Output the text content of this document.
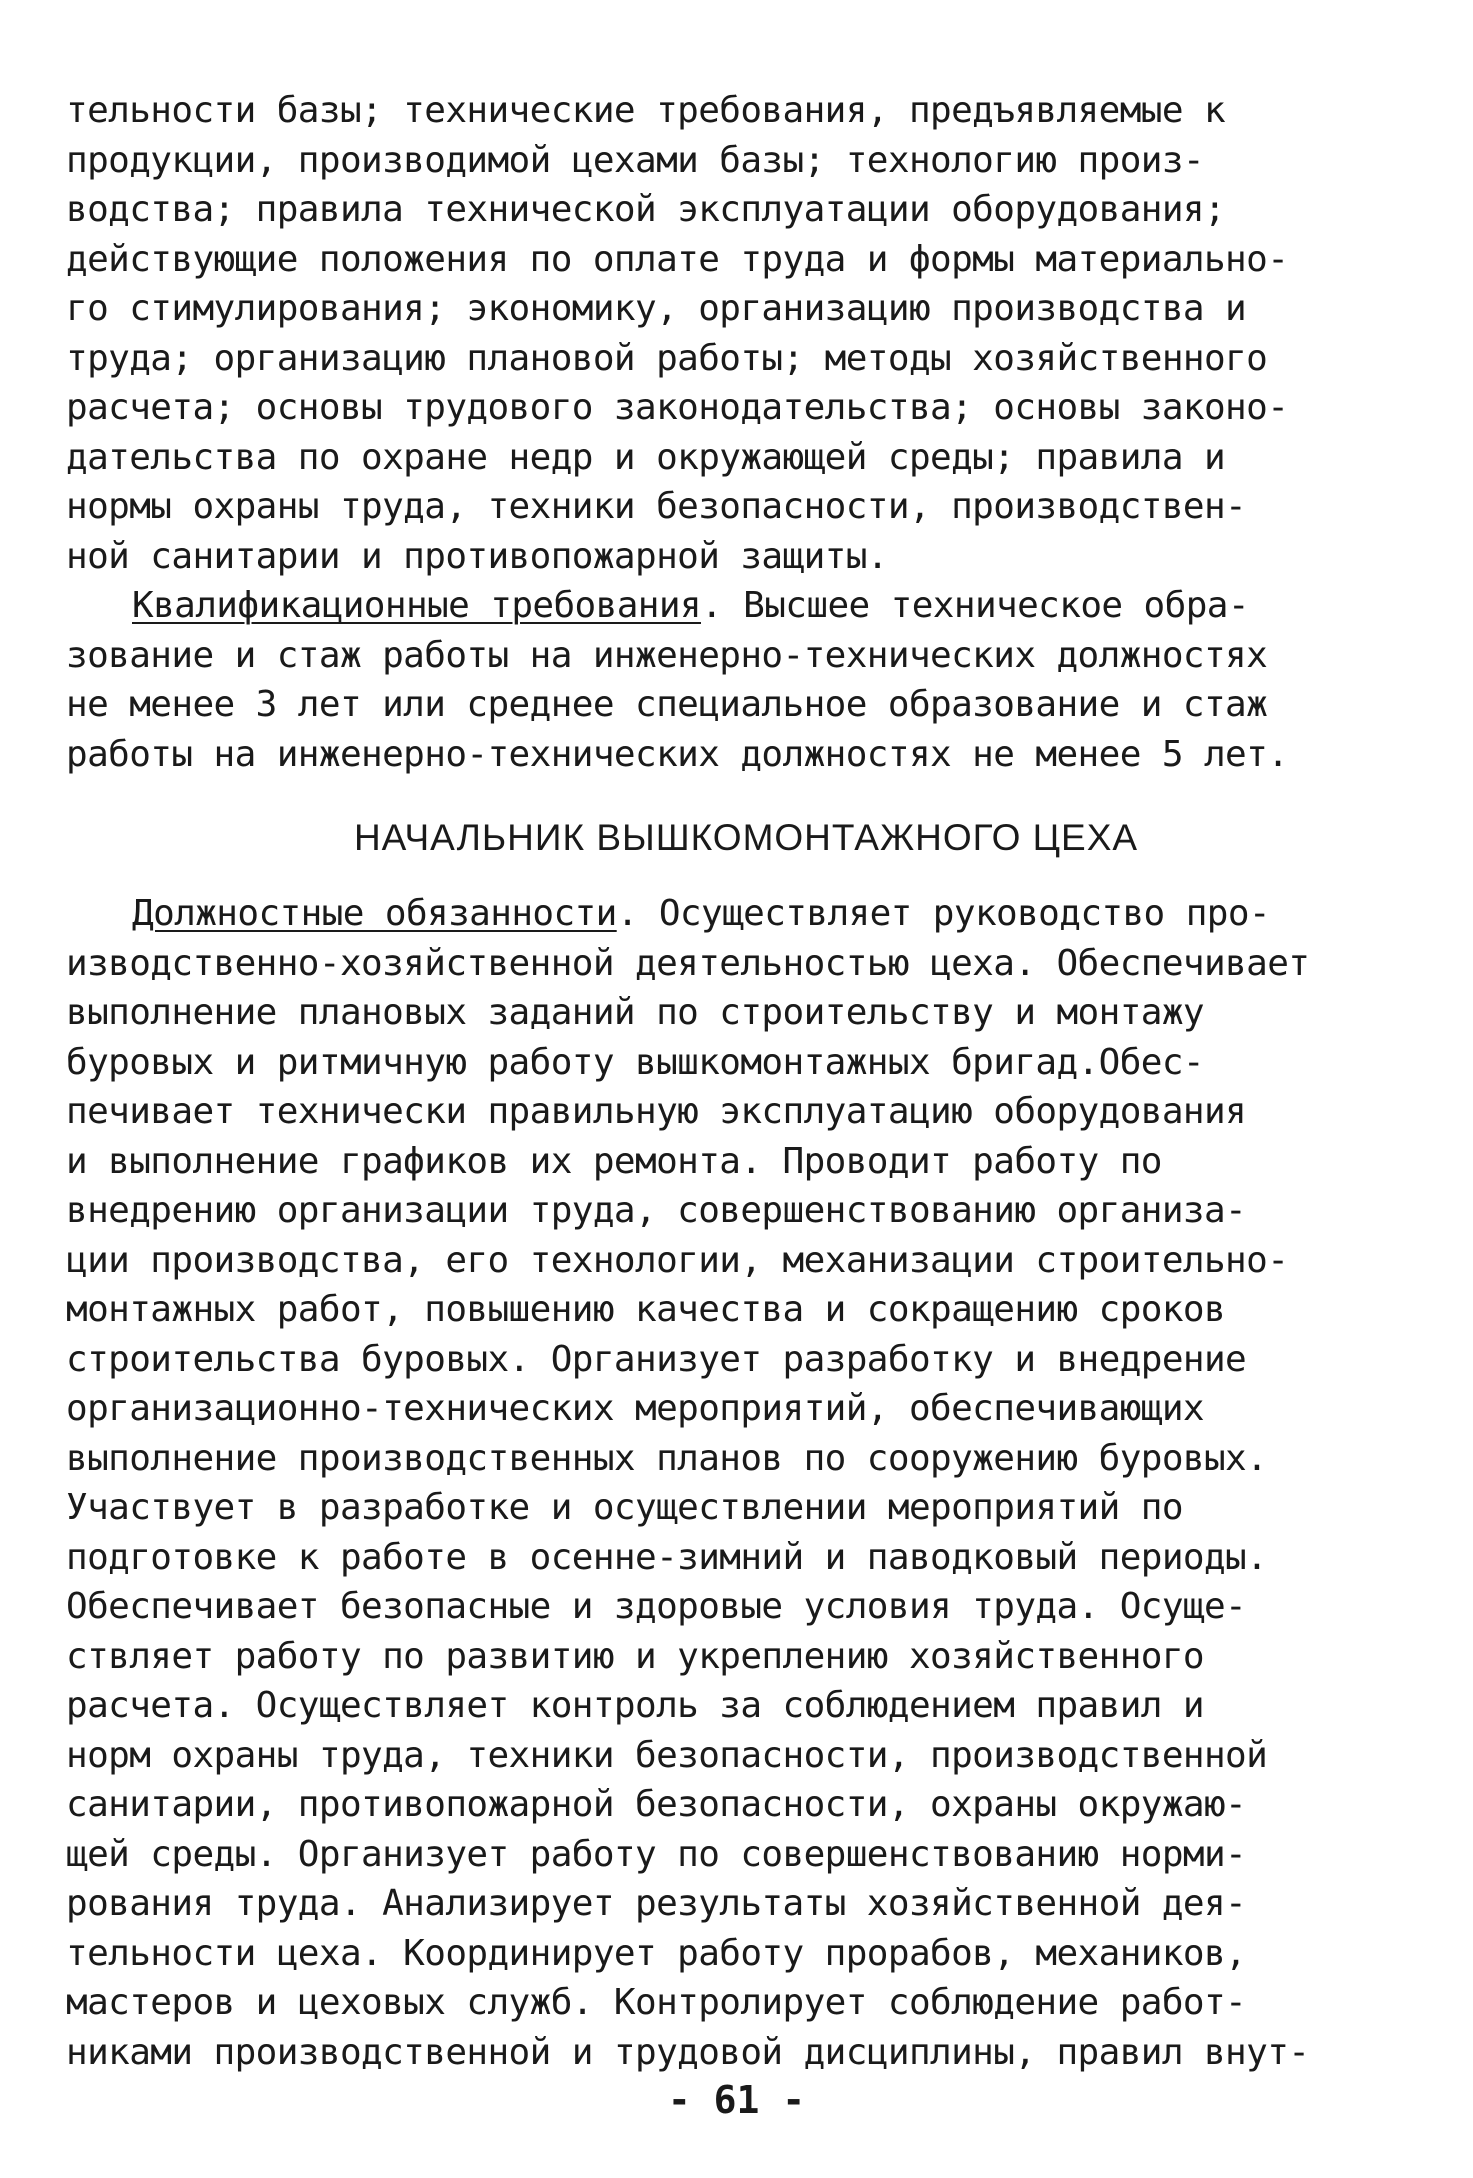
тельности базы; технические требования, предъявляемые к
продукции, производимой цехами базы; технологию произ-
водства; правила технической эксплуатации оборудования;
действующие положения по оплате труда и формы материально-
го стимулирования; экономику, организацию производства и
труда; организацию плановой работы; методы хозяйственного
расчета; основы трудового законодательства; основы законо-
дательства по охране недр и окружающей среды; правила и
нормы охраны труда, техники безопасности, производствен-
ной санитарии и противопожарной защиты.
Квалификационные требования. Высшее техническое обра-
зование и стаж работы на инженерно-технических должностях
не менее 3 лет или среднее специальное образование и стаж
работы на инженерно-технических должностях не менее 5 лет.
НАЧАЛЬНИК ВЫШКОМОНТАЖНОГО ЦЕХА
Должностные обязанности. Осуществляет руководство про-
изводственно-хозяйственной деятельностью цеха. Обеспечивает
выполнение плановых заданий по строительству и монтажу
буровых и ритмичную работу вышкомонтажных бригад.Обес-
печивает технически правильную эксплуатацию оборудования
и выполнение графиков их ремонта. Проводит работу по
внедрению организации труда, совершенствованию организа-
ции производства, его технологии, механизации строительно-
монтажных работ, повышению качества и сокращению сроков
строительства буровых. Организует разработку и внедрение
организационно-технических мероприятий, обеспечивающих
выполнение производственных планов по сооружению буровых.
Участвует в разработке и осуществлении мероприятий по
подготовке к работе в осенне-зимний и паводковый периоды.
Обеспечивает безопасные и здоровые условия труда. Осуще-
ствляет работу по развитию и укреплению хозяйственного
расчета. Осуществляет контроль за соблюдением правил и
норм охраны труда, техники безопасности, производственной
санитарии, противопожарной безопасности, охраны окружаю-
щей среды. Организует работу по совершенствованию норми-
рования труда. Анализирует результаты хозяйственной дея-
тельности цеха. Координирует работу прорабов, механиков,
мастеров и цеховых служб. Контролирует соблюдение работ-
никами производственной и трудовой дисциплины, правил внут-
- 61 -
